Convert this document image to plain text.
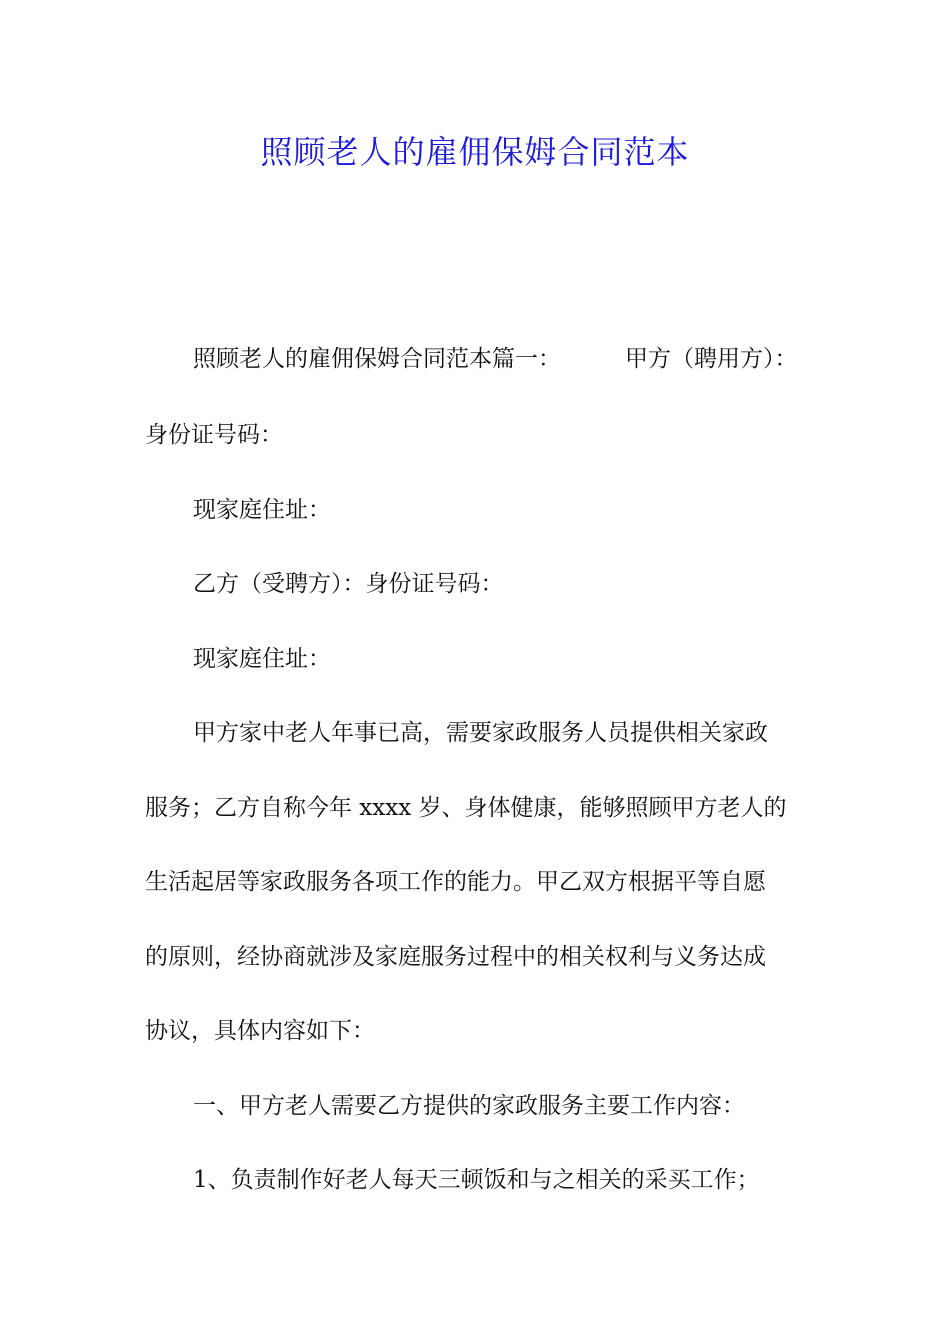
照顾老人的雇佣保姆合同范本
照顾老人的雇佣保姆合同范本篇一：	甲方（聘用方）：
身份证号码：
现家庭住址：
乙方（受聘方）：身份证号码：
现家庭住址：
甲方家中老人年事已高，需要家政服务人员提供相关家政
服务；乙方自称今年 xxxx 岁、身体健康，能够照顾甲方老人的
生活起居等家政服务各项工作的能力。甲乙双方根据平等自愿
的原则，经协商就涉及家庭服务过程中的相关权利与义务达成
协议，具体内容如下：
一、甲方老人需要乙方提供的家政服务主要工作内容：
1、负责制作好老人每天三顿饭和与之相关的采买工作；
